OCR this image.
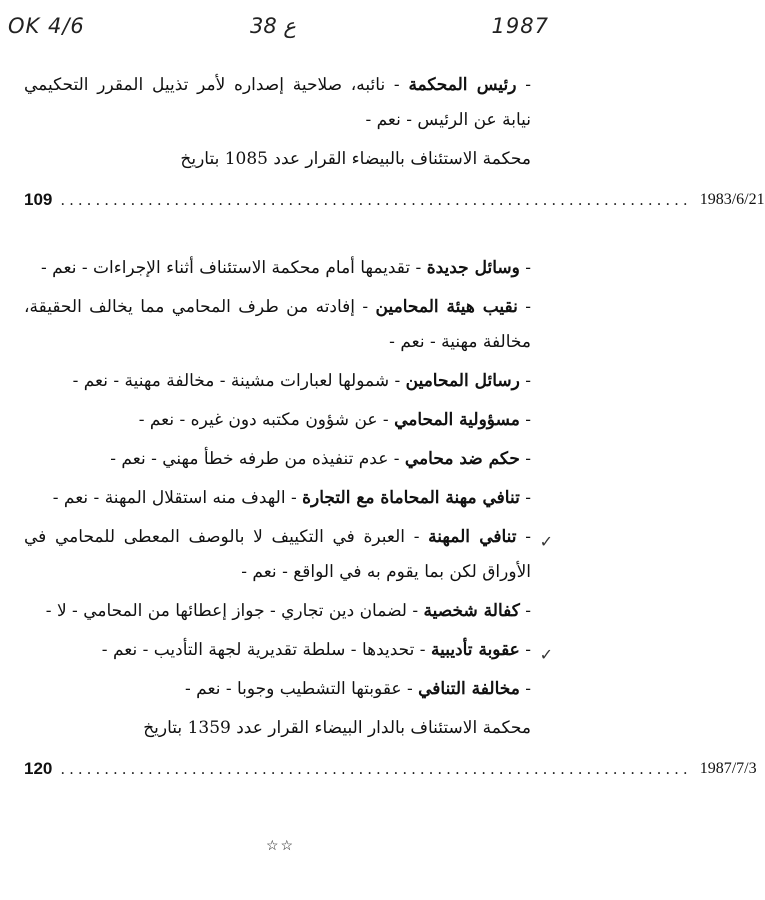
OK 4/6	ع 38	1987

- رئيس المحكمة - نائبه، صلاحية إصداره لأمر تذييل المقرر التحكيمي نيابة عن الرئيس - نعم -

محكمة الاستئناف بالبيضاء القرار عدد 1085 بتاريخ

109 ........................................................................ 1983/6/21

- وسائل جديدة - تقديمها أمام محكمة الاستئناف أثناء الإجراءات - نعم -

- نقيب هيئة المحامين - إفادته من طرف المحامي مما يخالف الحقيقة، مخالفة مهنية - نعم -

- رسائل المحامين - شمولها لعبارات مشينة - مخالفة مهنية - نعم -

- مسؤولية المحامي - عن شؤون مكتبه دون غيره - نعم -

- حكم ضد محامي - عدم تنفيذه من طرفه خطأ مهني - نعم -

- تنافي مهنة المحاماة مع التجارة - الهدف منه استقلال المهنة - نعم -

✓
- تنافي المهنة - العبرة في التكييف لا بالوصف المعطى للمحامي في الأوراق لكن بما يقوم به في الواقع - نعم -

- كفالة شخصية - لضمان دين تجاري - جواز إعطائها من المحامي - لا -

✓
- عقوبة تأديبية - تحديدها - سلطة تقديرية لجهة التأديب - نعم -

- مخالفة التنافي - عقوبتها التشطيب وجوبا - نعم -

محكمة الاستئناف بالدار البيضاء القرار عدد 1359 بتاريخ

120 ........................................................................ 1987/7/3
☆☆
